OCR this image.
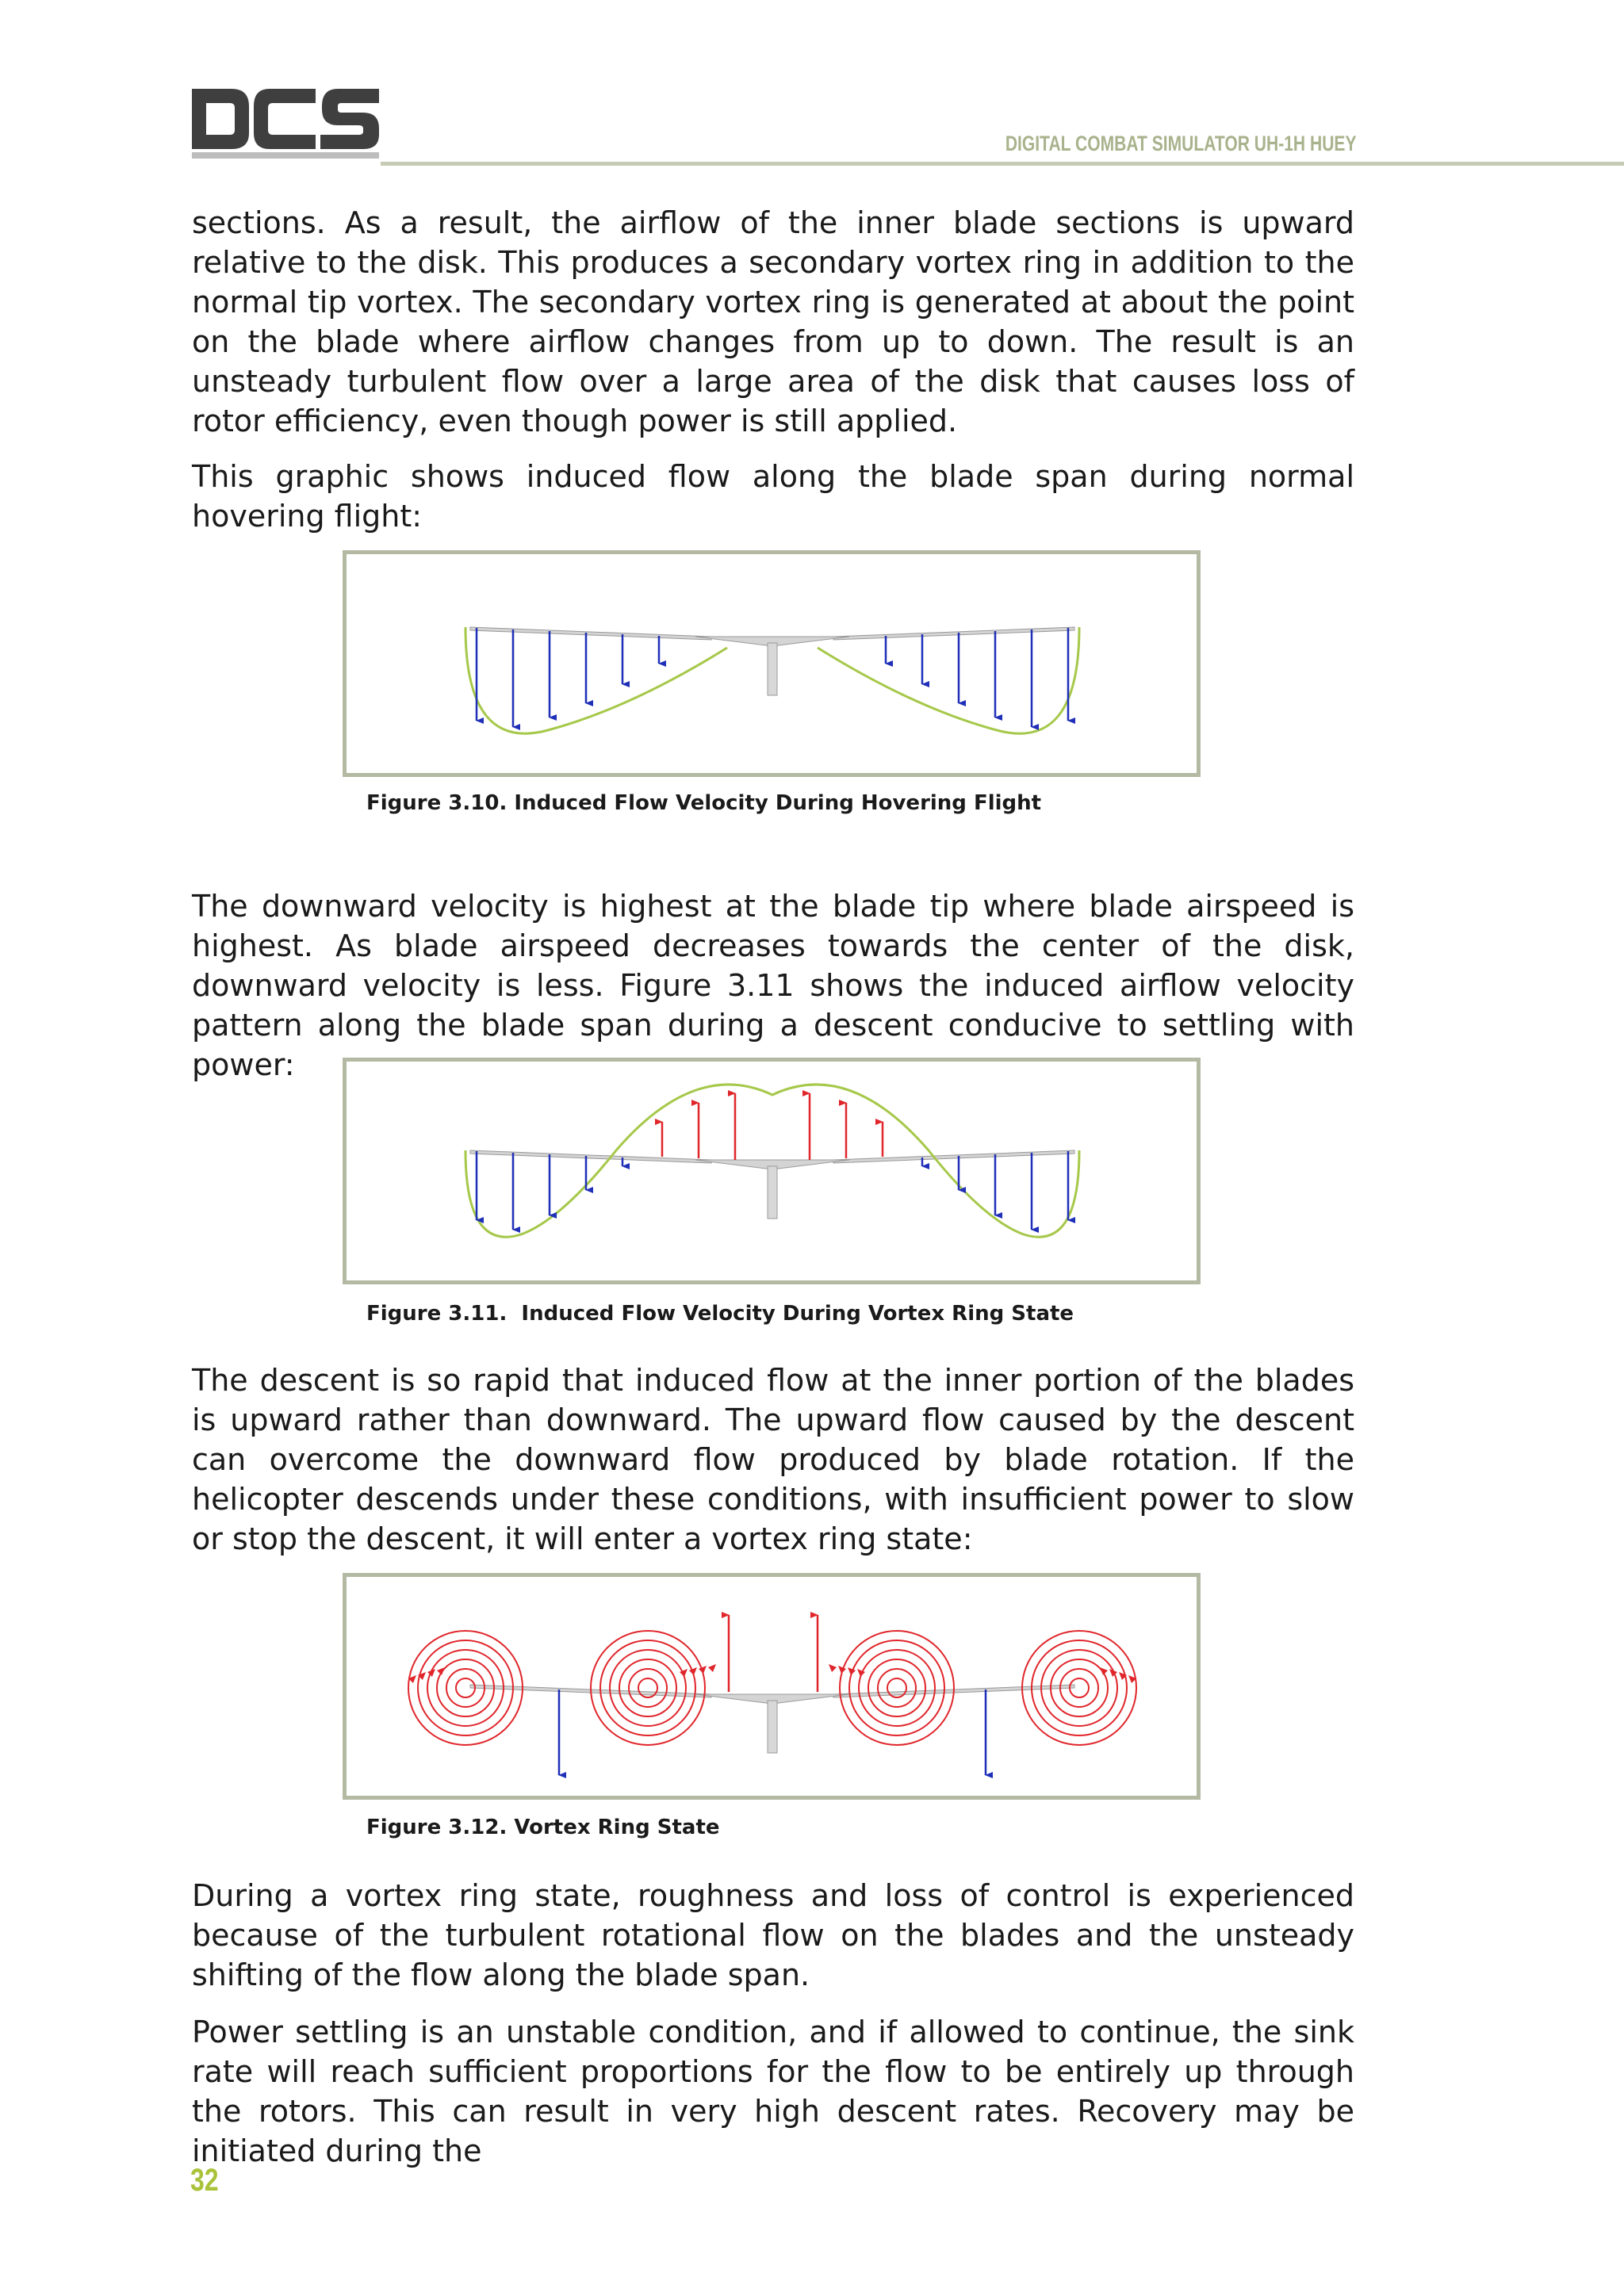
DIGITAL COMBAT SIMULATOR UH-1H HUEY

sections. As a result, the airflow of the inner blade sections is upward relative to the disk. This produces a secondary vortex ring in addition to the normal tip vortex. The secondary vortex ring is generated at about the point on the blade where airflow changes from up to down. The result is an unsteady turbulent flow over a large area of the disk that causes loss of rotor efficiency, even though power is still applied.

This graphic shows induced flow along the blade span during normal hovering flight:

Figure 3.10. Induced Flow Velocity During Hovering Flight

The downward velocity is highest at the blade tip where blade airspeed is highest. As blade airspeed decreases towards the center of the disk, downward velocity is less. Figure 3.11 shows the induced airflow velocity pattern along the blade span during a descent conducive to settling with power:

Figure 3.11.  Induced Flow Velocity During Vortex Ring State

The descent is so rapid that induced flow at the inner portion of the blades is upward rather than downward. The upward flow caused by the descent can overcome the downward flow produced by blade rotation. If the helicopter descends under these conditions, with insufficient power to slow or stop the descent, it will enter a vortex ring state:

Figure 3.12. Vortex Ring State

During a vortex ring state, roughness and loss of control is experienced because of the turbulent rotational flow on the blades and the unsteady shifting of the flow along the blade span.

Power settling is an unstable condition, and if allowed to continue, the sink rate will reach sufficient proportions for the flow to be entirely up through the rotors. This can result in very high descent rates. Recovery may be initiated during the

32
